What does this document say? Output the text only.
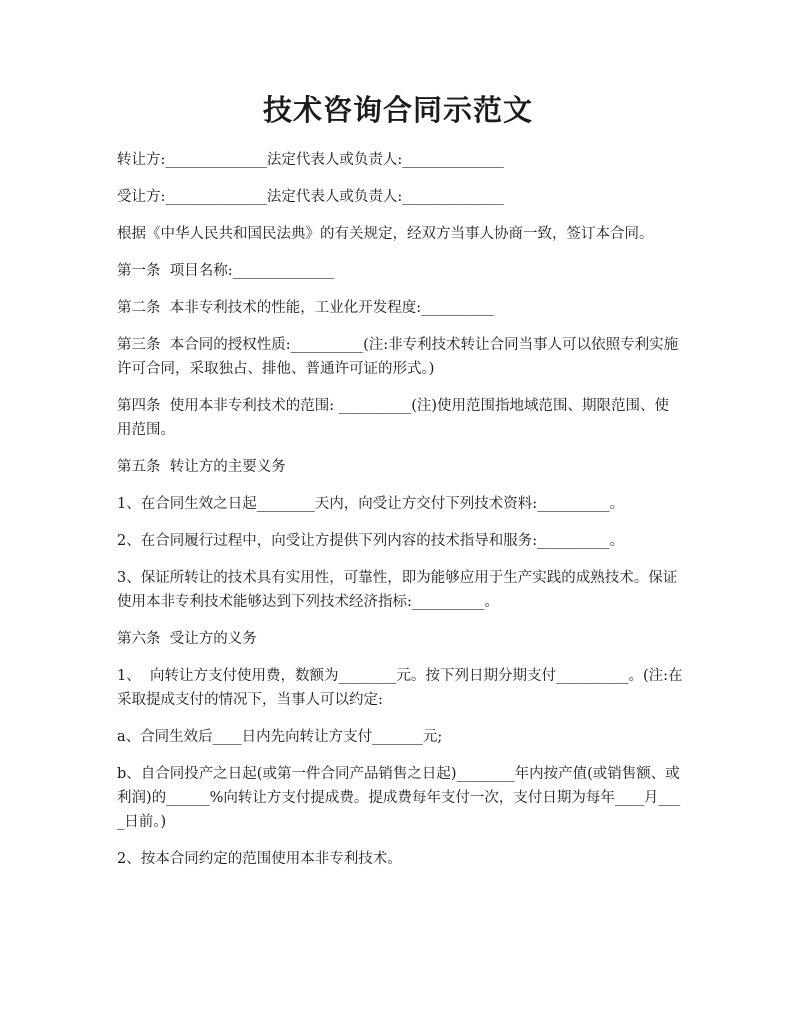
技术咨询合同示范文

转让方:______________法定代表人或负责人:______________

受让方:______________法定代表人或负责人:______________

根据《中华人民共和国民法典》的有关规定，经双方当事人协商一致，签订本合同。

第一条  项目名称:______________

第二条  本非专利技术的性能，工业化开发程度:__________

第三条  本合同的授权性质:__________(注:非专利技术转让合同当事人可以依照专利实施许可合同，采取独占、排他、普通许可证的形式。)

第四条  使用本非专利技术的范围: __________(注)使用范围指地域范围、期限范围、使用范围。

第五条  转让方的主要义务

1、在合同生效之日起________天内，向受让方交付下列技术资料:__________。

2、在合同履行过程中，向受让方提供下列内容的技术指导和服务:__________。

3、保证所转让的技术具有实用性，可靠性，即为能够应用于生产实践的成熟技术。保证使用本非专利技术能够达到下列技术经济指标:__________。

第六条  受让方的义务

1、  向转让方支付使用费，数额为________元。按下列日期分期支付__________。(注:在采取提成支付的情况下，当事人可以约定:

a、合同生效后____日内先向转让方支付_______元;

b、自合同投产之日起(或第一件合同产品销售之日起)________年内按产值(或销售额、或利润)的______%向转让方支付提成费。提成费每年支付一次，支付日期为每年____月____日前。)

2、按本合同约定的范围使用本非专利技术。
